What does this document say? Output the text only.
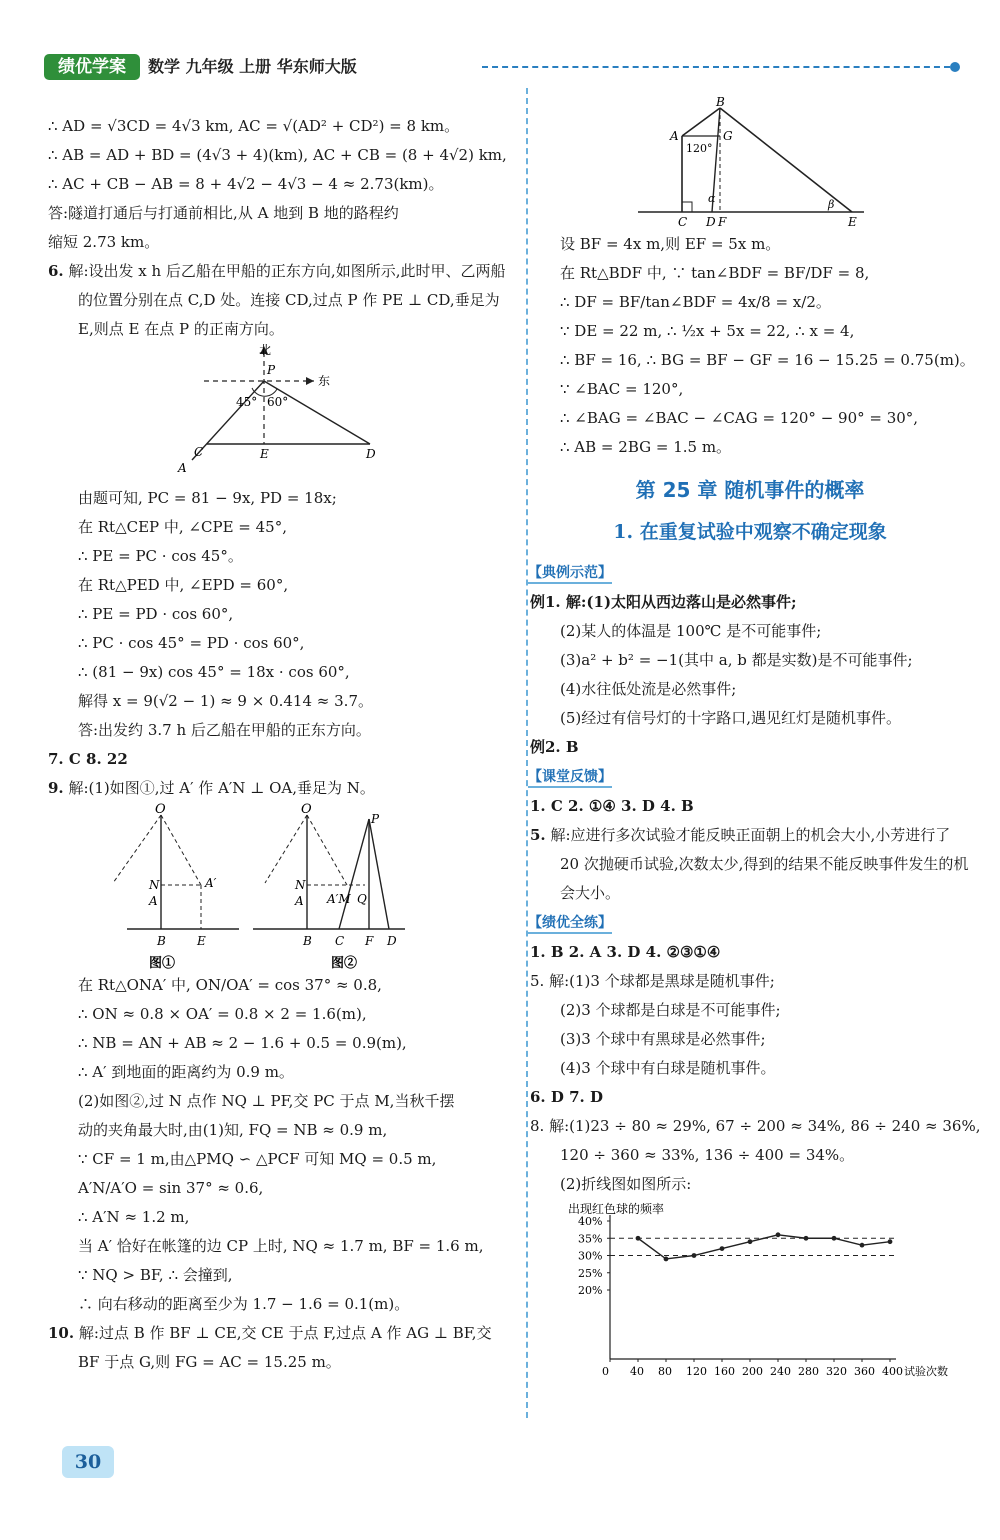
绩优学案	数学 九年级 上册 华东师大版

∴ AD = √3CD = 4√3 km, AC = √(AD² + CD²) = 8 km。

∴ AB = AD + BD = (4√3 + 4)(km), AC + CB = (8 + 4√2) km,

∴ AC + CB − AB = 8 + 4√2 − 4√3 − 4 ≈ 2.73(km)。

答:隧道打通后与打通前相比,从 A 地到 B 地的路程约

缩短 2.73 km。

6. 解:设出发 x h 后乙船在甲船的正东方向,如图所示,此时甲、乙两船的位置分别在点 C,D 处。连接 CD,过点 P 作 PE ⊥ CD,垂足为 E,则点 E 在点 P 的正南方向。

北
东
P
45° 60°
C	E	D
A

由题可知, PC = 81 − 9x, PD = 18x;

在 Rt△CEP 中, ∠CPE = 45°,

∴ PE = PC · cos 45°。

在 Rt△PED 中, ∠EPD = 60°,

∴ PE = PD · cos 60°,

∴ PC · cos 45° = PD · cos 60°,

∴ (81 − 9x) cos 45° = 18x · cos 60°,

解得 x = 9(√2 − 1) ≈ 9 × 0.414 ≈ 3.7。

答:出发约 3.7 h 后乙船在甲船的正东方向。

7. C 8. 22

9. 解:(1)如图①,过 A′ 作 A′N ⊥ OA,垂足为 N。

O
N
A
A′
B	E
图①
O
P
N
A A′M Q
B C F D
图②

在 Rt△ONA′ 中, ON/OA′ = cos 37° ≈ 0.8,

∴ ON ≈ 0.8 × OA′ = 0.8 × 2 = 1.6(m),

∴ NB = AN + AB ≈ 2 − 1.6 + 0.5 = 0.9(m),

∴ A′ 到地面的距离约为 0.9 m。

(2)如图②,过 N 点作 NQ ⊥ PF,交 PC 于点 M,当秋千摆

动的夹角最大时,由(1)知, FQ = NB ≈ 0.9 m,

∵ CF = 1 m,由△PMQ ∽ △PCF 可知 MQ = 0.5 m,

A′N/A′O = sin 37° ≈ 0.6,

∴ A′N ≈ 1.2 m,

当 A′ 恰好在帐篷的边 CP 上时, NQ ≈ 1.7 m, BF = 1.6 m,

∵ NQ > BF, ∴ 会撞到,

∴ 向右移动的距离至少为 1.7 − 1.6 = 0.1(m)。

10. 解:过点 B 作 BF ⊥ CE,交 CE 于点 F,过点 A 作 AG ⊥ BF,交 BF 于点 G,则 FG = AC = 15.25 m。

B
A	G
120°
α	β
C D F	E

设 BF = 4x m,则 EF = 5x m。

在 Rt△BDF 中, ∵ tan∠BDF = BF/DF = 8,

∴ DF = BF/tan∠BDF = 4x/8 = x/2。

∵ DE = 22 m, ∴ ½x + 5x = 22, ∴ x = 4,

∴ BF = 16, ∴ BG = BF − GF = 16 − 15.25 = 0.75(m)。

∵ ∠BAC = 120°,

∴ ∠BAG = ∠BAC − ∠CAG = 120° − 90° = 30°,

∴ AB = 2BG = 1.5 m。

第 25 章 随机事件的概率
1. 在重复试验中观察不确定现象
【典例示范】

例1. 解:(1)太阳从西边落山是必然事件;

(2)某人的体温是 100℃ 是不可能事件;

(3)a² + b² = −1(其中 a, b 都是实数)是不可能事件;

(4)水往低处流是必然事件;

(5)经过有信号灯的十字路口,遇见红灯是随机事件。

例2. B

【课堂反馈】

1. C 2. ①④ 3. D 4. B

5. 解:应进行多次试验才能反映正面朝上的机会大小,小芳进行了 20 次抛硬币试验,次数太少,得到的结果不能反映事件发生的机会大小。

【绩优全练】

1. B 2. A 3. D 4. ②③①④

5. 解:(1)3 个球都是黑球是随机事件;

(2)3 个球都是白球是不可能事件;

(3)3 个球中有黑球是必然事件;

(4)3 个球中有白球是随机事件。

6. D 7. D

8. 解:(1)23 ÷ 80 ≈ 29%, 67 ÷ 200 ≈ 34%, 86 ÷ 240 ≈ 36%,

120 ÷ 360 ≈ 33%, 136 ÷ 400 = 34%。

(2)折线图如图所示:

出现红色球的频率
试验次数
20%
25%
30%
35%
40%
0 40 80 120 160 200 240 280 320 360 400
30
